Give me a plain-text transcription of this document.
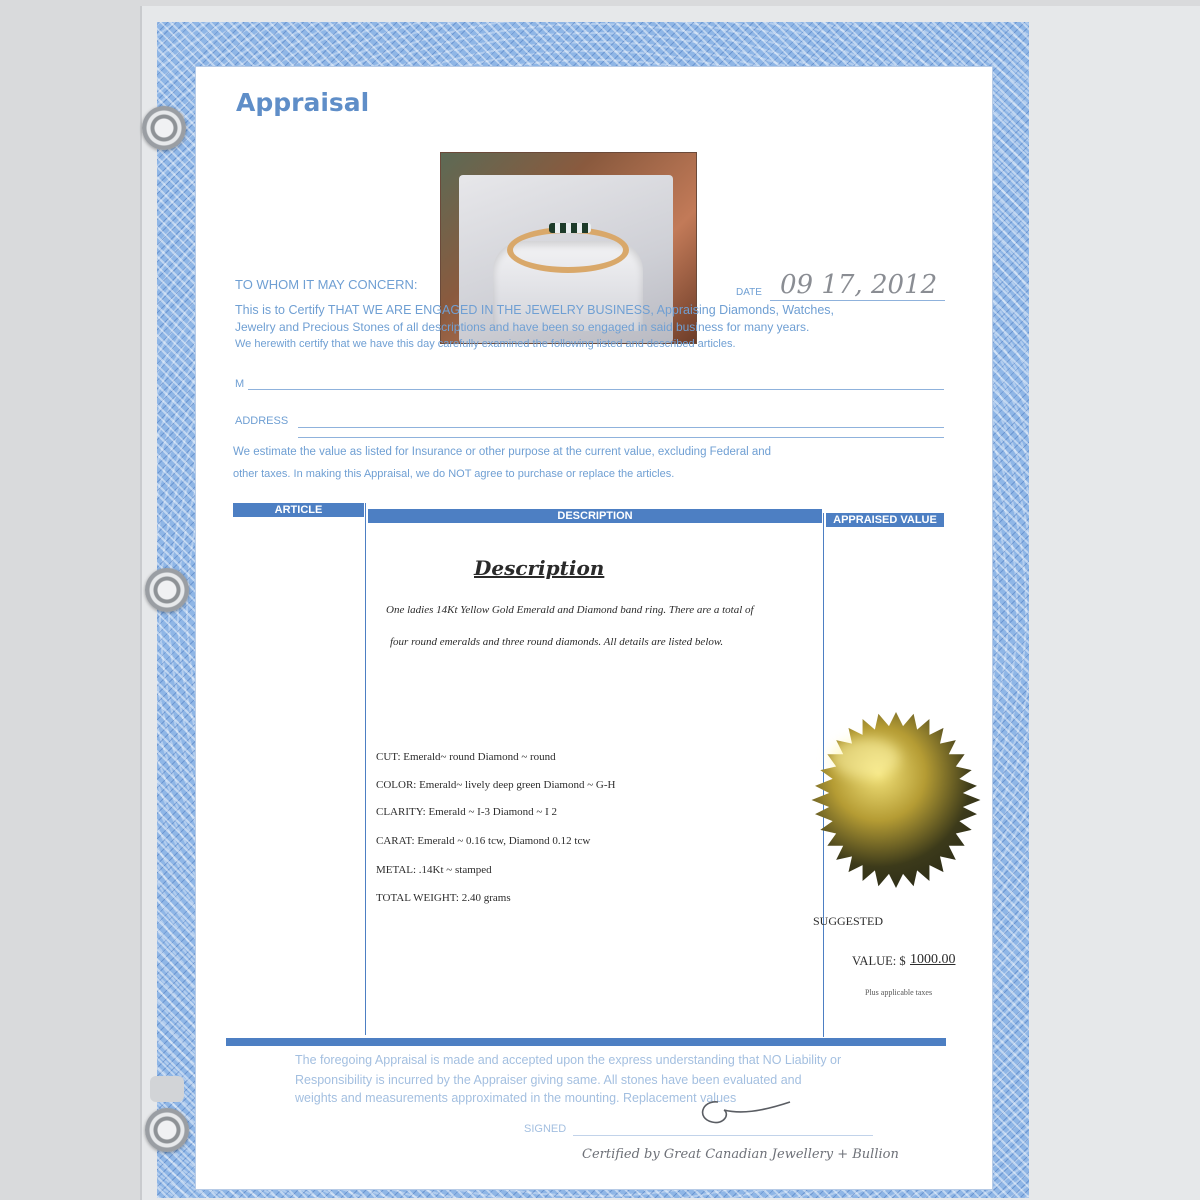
Appraisal

TO WHOM IT MAY CONCERN:

DATE 09 17, 2012

This is to Certify THAT WE ARE ENGAGED IN THE JEWELRY BUSINESS, Appraising Diamonds, Watches,

Jewelry and Precious Stones of all descriptions and have been so engaged in said business for many years.

We herewith certify that we have this day carefully examined the following listed and described articles.

M

ADDRESS

We estimate the value as listed for Insurance or other purpose at the current value, excluding Federal and

other taxes. In making this Appraisal, we do NOT agree to purchase or replace the articles.

ARTICLE	DESCRIPTION	APPRAISED VALUE
Description

One ladies 14Kt Yellow Gold Emerald and Diamond band ring. There are a total of

four round emeralds and three round diamonds. All details are listed below.

CUT: Emerald~ round Diamond ~ round

COLOR: Emerald~ lively deep green Diamond ~ G-H

CLARITY: Emerald ~ I-3 Diamond ~ I 2

CARAT: Emerald ~ 0.16 tcw, Diamond 0.12 tcw

METAL: .14Kt ~ stamped

TOTAL WEIGHT: 2.40 grams

SUGGESTED

VALUE: $ 1000.00

Plus applicable taxes

The foregoing Appraisal is made and accepted upon the express understanding that NO Liability or

Responsibility is incurred by the Appraiser giving same. All stones have been evaluated and

weights and measurements approximated in the mounting. Replacement values

SIGNED

Certified by Great Canadian Jewellery + Bullion
